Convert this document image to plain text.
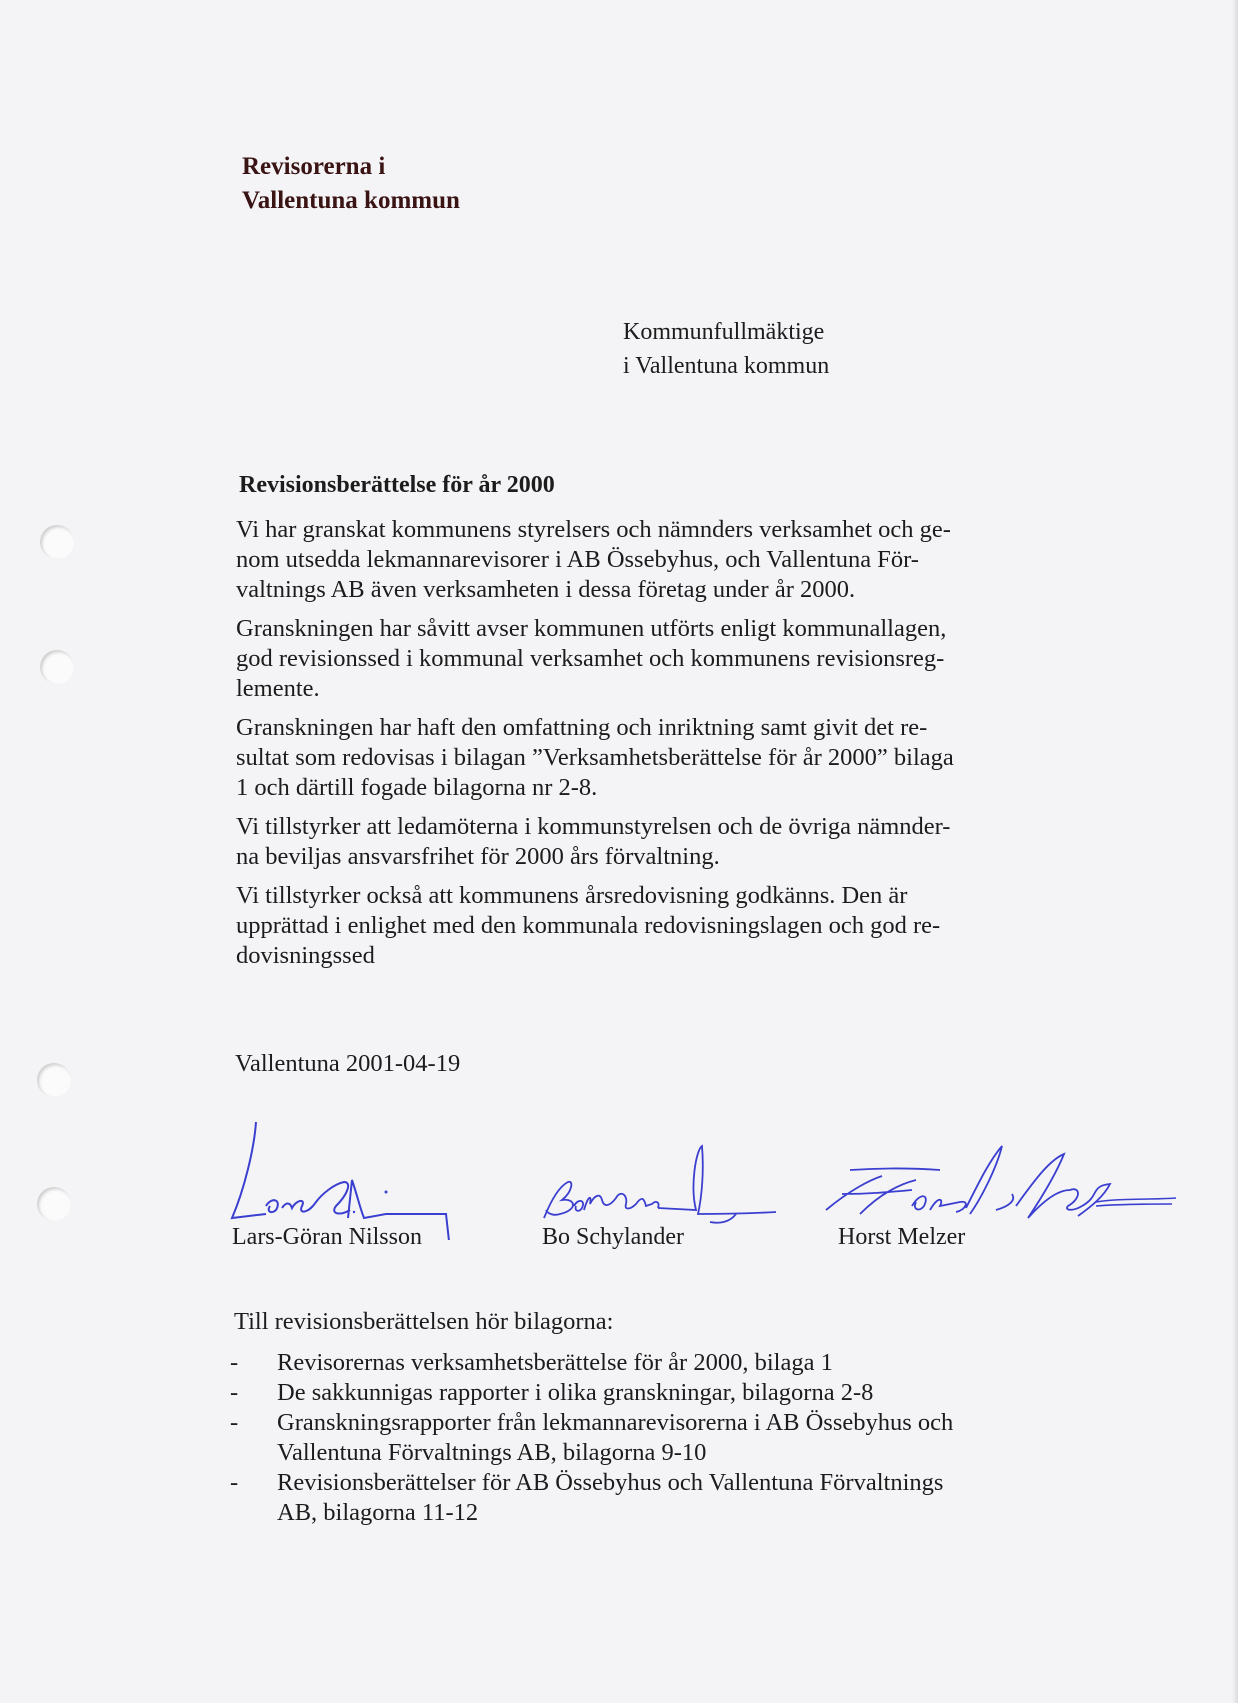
Revisorerna i
Vallentuna kommun
Kommunfullmäktige
i Vallentuna kommun
Revisionsberättelse för år 2000
Vi har granskat kommunens styrelsers och nämnders verksamhet och ge-
nom utsedda lekmannarevisorer i AB Össebyhus, och Vallentuna För-
valtnings AB även verksamheten i dessa företag under år 2000.
Granskningen har såvitt avser kommunen utförts enligt kommunallagen,
god revisionssed i kommunal verksamhet och kommunens revisionsreg-
lemente.
Granskningen har haft den omfattning och inriktning samt givit det re-
sultat som redovisas i bilagan ”Verksamhetsberättelse för år 2000” bilaga
1 och därtill fogade bilagorna nr 2-8.
Vi tillstyrker att ledamöterna i kommunstyrelsen och de övriga nämnder-
na beviljas ansvarsfrihet för 2000 års förvaltning.
Vi tillstyrker också att kommunens årsredovisning godkänns. Den är
upprättad i enlighet med den kommunala redovisningslagen och god re-
dovisningssed
Vallentuna 2001-04-19
Lars-Göran Nilsson	Bo Schylander	Horst Melzer
Till revisionsberättelsen hör bilagorna:
- Revisorernas verksamhetsberättelse för år 2000, bilaga 1
- De sakkunnigas rapporter i olika granskningar, bilagorna 2-8
- Granskningsrapporter från lekmannarevisorerna i AB Össebyhus och
Vallentuna Förvaltnings AB, bilagorna 9-10
- Revisionsberättelser för AB Össebyhus och Vallentuna Förvaltnings
AB, bilagorna 11-12
